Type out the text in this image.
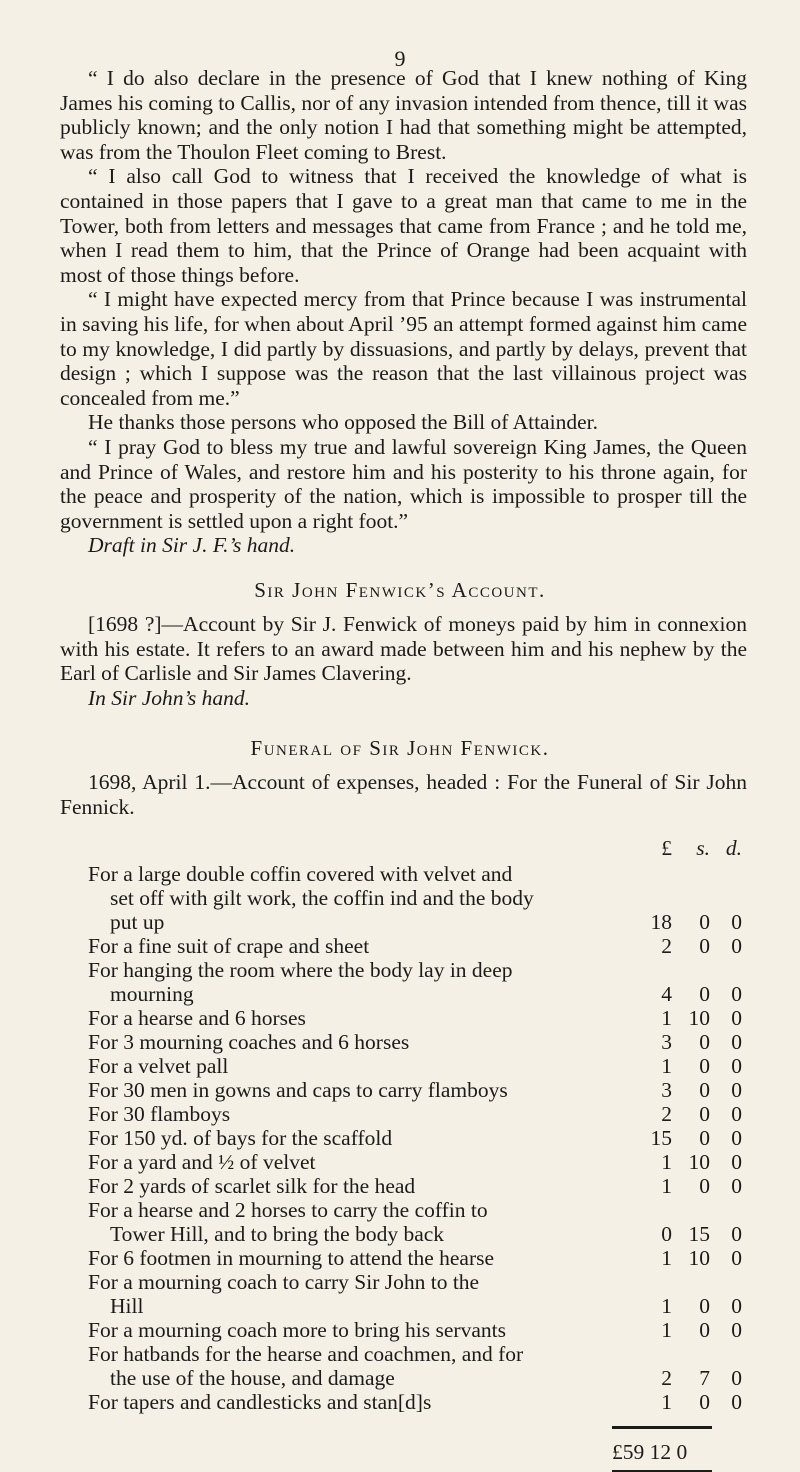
9
“ I do also declare in the presence of God that I knew nothing of King James his coming to Callis, nor of any invasion intended from thence, till it was publicly known; and the only notion I had that something might be attempted, was from the Thoulon Fleet coming to Brest.
“ I also call God to witness that I received the knowledge of what is contained in those papers that I gave to a great man that came to me in the Tower, both from letters and messages that came from France ; and he told me, when I read them to him, that the Prince of Orange had been acquaint with most of those things before.
“ I might have expected mercy from that Prince because I was instrumental in saving his life, for when about April ’95 an attempt formed against him came to my knowledge, I did partly by dissuasions, and partly by delays, prevent that design ; which I suppose was the reason that the last villainous project was concealed from me.”
He thanks those persons who opposed the Bill of Attainder.
“ I pray God to bless my true and lawful sovereign King James, the Queen and Prince of Wales, and restore him and his posterity to his throne again, for the peace and prosperity of the nation, which is impossible to prosper till the government is settled upon a right foot.”
Draft in Sir J. F.’s hand.
Sir John Fenwick’s Account.
[1698 ?]—Account by Sir J. Fenwick of moneys paid by him in connexion with his estate. It refers to an award made between him and his nephew by the Earl of Carlisle and Sir James Clavering.
In Sir John’s hand.
Funeral of Sir John Fenwick.
1698, April 1.—Account of expenses, headed : For the Funeral of Sir John Fennick.
£	s. d.
For a large double coffin covered with velvet and
set off with gilt work, the coffin ind and the body
put up	18	0 0
For a fine suit of crape and sheet	2	0 0
For hanging the room where the body lay in deep
mourning	4	0 0
For a hearse and 6 horses	1 10 0
For 3 mourning coaches and 6 horses	3	0 0
For a velvet pall	1	0 0
For 30 men in gowns and caps to carry flamboys	3	0 0
For 30 flamboys	2	0 0
For 150 yd. of bays for the scaffold	15	0 0
For a yard and ½ of velvet	1 10 0
For 2 yards of scarlet silk for the head	1	0 0
For a hearse and 2 horses to carry the coffin to
Tower Hill, and to bring the body back	0 15 0
For 6 footmen in mourning to attend the hearse	1 10 0
For a mourning coach to carry Sir John to the
Hill	1	0 0
For a mourning coach more to bring his servants	1	0 0
For hatbands for the hearse and coachmen, and for
the use of the house, and damage	2	7 0
For tapers and candlesticks and stan[d]s	1	0 0
£59 12 0
